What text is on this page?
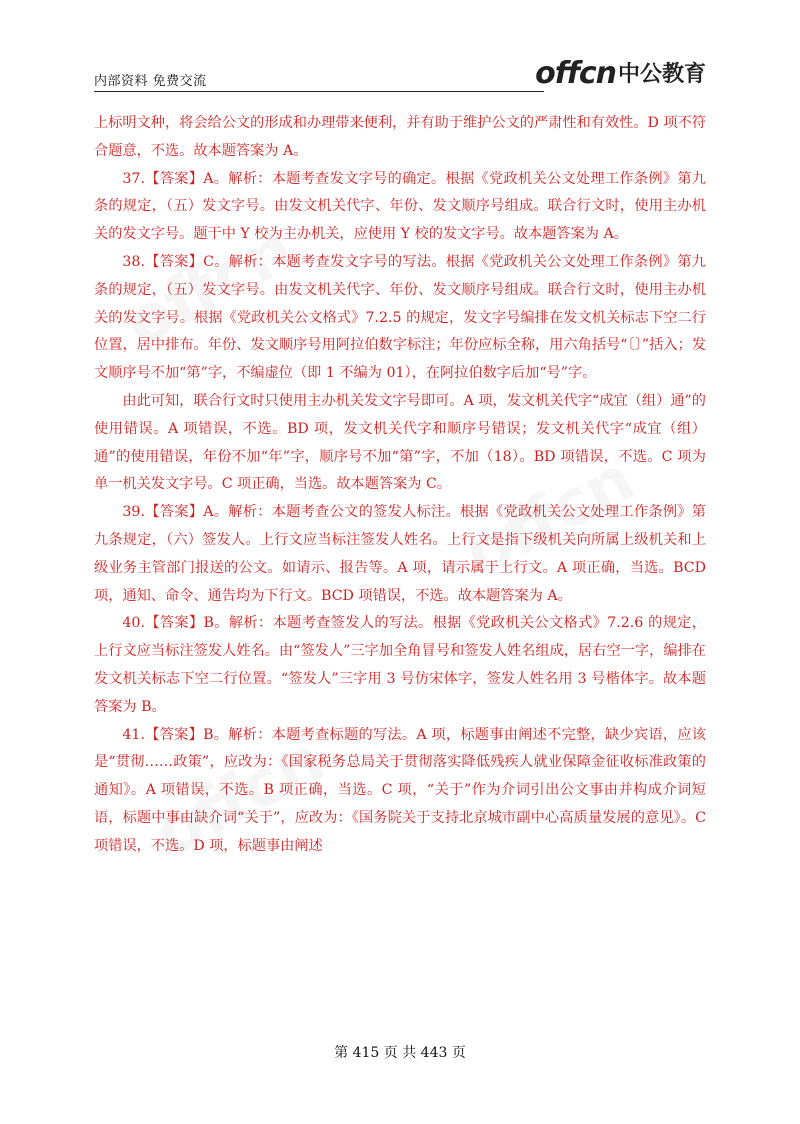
内部资料 免费交流	offcn 中公教育

上标明文种，将会给公文的形成和办理带来便利，并有助于维护公文的严肃性和有效性。D 项不符合题意，不选。故本题答案为 A。

37.【答案】A。解析：本题考查发文字号的确定。根据《党政机关公文处理工作条例》第九条的规定，（五）发文字号。由发文机关代字、年份、发文顺序号组成。联合行文时，使用主办机关的发文字号。题干中 Y 校为主办机关，应使用 Y 校的发文字号。故本题答案为 A。

38.【答案】C。解析：本题考查发文字号的写法。根据《党政机关公文处理工作条例》第九条的规定，（五）发文字号。由发文机关代字、年份、发文顺序号组成。联合行文时，使用主办机关的发文字号。根据《党政机关公文格式》7.2.5 的规定，发文字号编排在发文机关标志下空二行位置，居中排布。年份、发文顺序号用阿拉伯数字标注；年份应标全称，用六角括号“〔〕”括入；发文顺序号不加“第”字，不编虚位（即 1 不编为 01），在阿拉伯数字后加“号”字。

由此可知，联合行文时只使用主办机关发文字号即可。A 项，发文机关代字“成宜（组）通”的使用错误。A 项错误，不选。BD 项，发文机关代字和顺序号错误；发文机关代字“成宜（组）通”的使用错误，年份不加“年”字，顺序号不加“第”字，不加（18）。BD 项错误，不选。C 项为单一机关发文字号。C 项正确，当选。故本题答案为 C。

39.【答案】A。解析：本题考查公文的签发人标注。根据《党政机关公文处理工作条例》第九条规定，（六）签发人。上行文应当标注签发人姓名。上行文是指下级机关向所属上级机关和上级业务主管部门报送的公文。如请示、报告等。A 项，请示属于上行文。A 项正确，当选。BCD 项，通知、命令、通告均为下行文。BCD 项错误，不选。故本题答案为 A。

40.【答案】B。解析：本题考查签发人的写法。根据《党政机关公文格式》7.2.6 的规定，上行文应当标注签发人姓名。由“签发人”三字加全角冒号和签发人姓名组成，居右空一字，编排在发文机关标志下空二行位置。“签发人”三字用 3 号仿宋体字，签发人姓名用 3 号楷体字。故本题答案为 B。

41.【答案】B。解析：本题考查标题的写法。A 项，标题事由阐述不完整，缺少宾语，应该是“贯彻……政策”，应改为：《国家税务总局关于贯彻落实降低残疾人就业保障金征收标准政策的通知》。A 项错误，不选。B 项正确，当选。C 项，“关于”作为介词引出公文事由并构成介词短语，标题中事由缺介词“关于”，应改为：《国务院关于支持北京城市副中心高质量发展的意见》。C 项错误，不选。D 项，标题事由阐述

第 415 页 共 443 页
